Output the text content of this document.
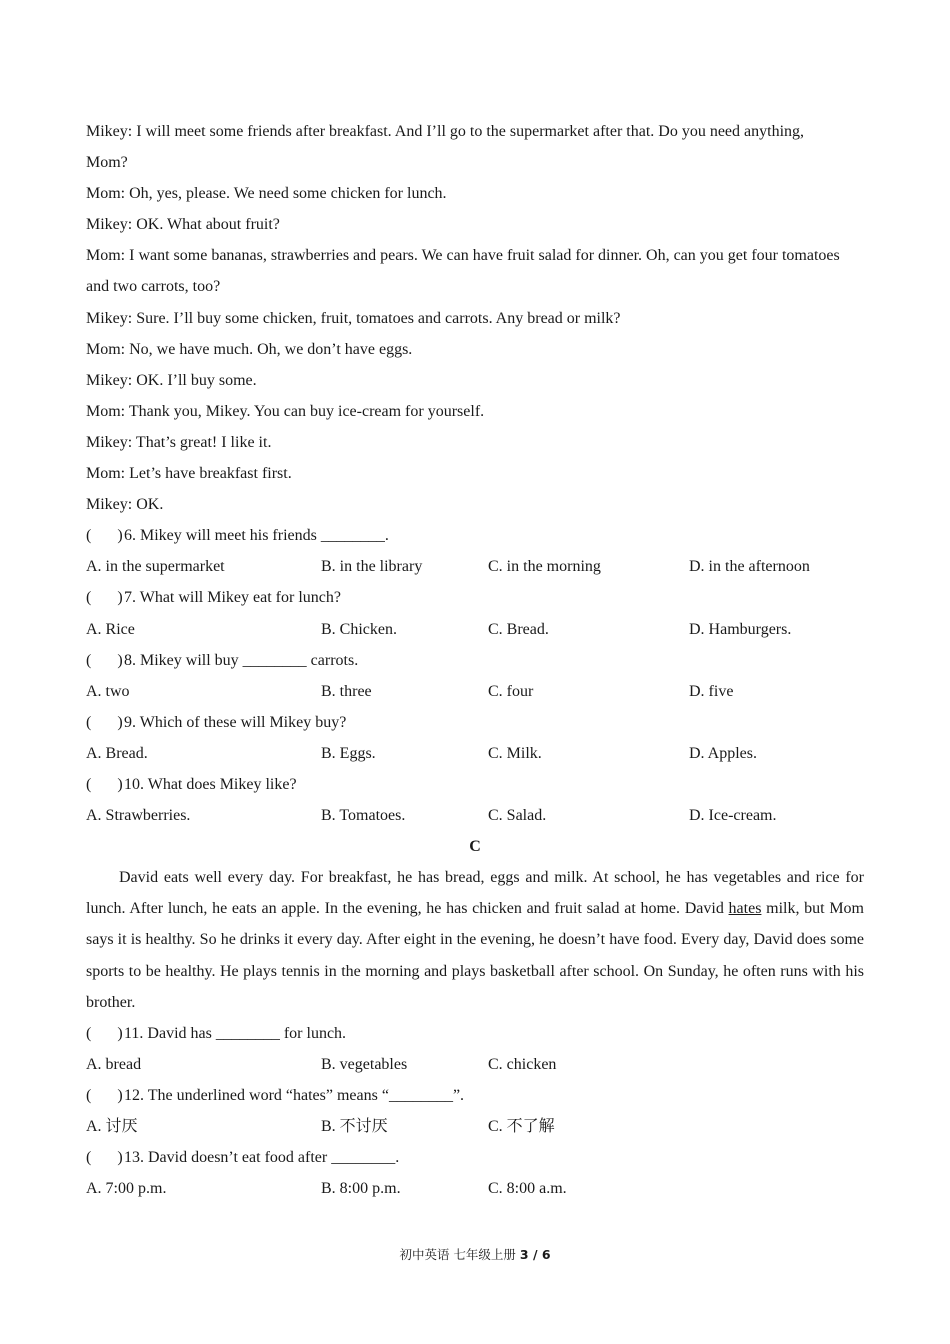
Mikey: I will meet some friends after breakfast. And I’ll go to the supermarket after that. Do you need anything,
Mom?
Mom: Oh, yes, please. We need some chicken for lunch.
Mikey: OK. What about fruit?
Mom: I want some bananas, strawberries and pears. We can have fruit salad for dinner. Oh, can you get four tomatoes
and two carrots, too?
Mikey: Sure. I’ll buy some chicken, fruit, tomatoes and carrots. Any bread or milk?
Mom: No, we have much. Oh, we don’t have eggs.
Mikey: OK. I’ll buy some.
Mom: Thank you, Mikey. You can buy ice-cream for yourself.
Mikey: That’s great! I like it.
Mom: Let’s have breakfast first.
Mikey: OK.
( )6. Mikey will meet his friends ________.
A. in the supermarket	B. in the library	C. in the morning	D. in the afternoon
( )7. What will Mikey eat for lunch?
A. Rice	B. Chicken.	C. Bread.	D. Hamburgers.
( )8. Mikey will buy ________ carrots.
A. two	B. three	C. four	D. five
( )9. Which of these will Mikey buy?
A. Bread.	B. Eggs.	C. Milk.	D. Apples.
( )10. What does Mikey like?
A. Strawberries.	B. Tomatoes.	C. Salad.	D. Ice-cream.
C

David eats well every day. For breakfast, he has bread, eggs and milk. At school, he has vegetables and rice for lunch. After lunch, he eats an apple. In the evening, he has chicken and fruit salad at home. David hates milk, but Mom says it is healthy. So he drinks it every day. After eight in the evening, he doesn’t have food. Every day, David does some sports to be healthy. He plays tennis in the morning and plays basketball after school. On Sunday, he often runs with his brother.

( )11. David has ________ for lunch.
A. bread	B. vegetables	C. chicken
( )12. The underlined word “hates” means “________”.
A. 讨厌	B. 不讨厌	C. 不了解
( )13. David doesn’t eat food after ________.
A. 7:00 p.m.	B. 8:00 p.m.	C. 8:00 a.m.
初中英语 七年级上册 3 / 6
